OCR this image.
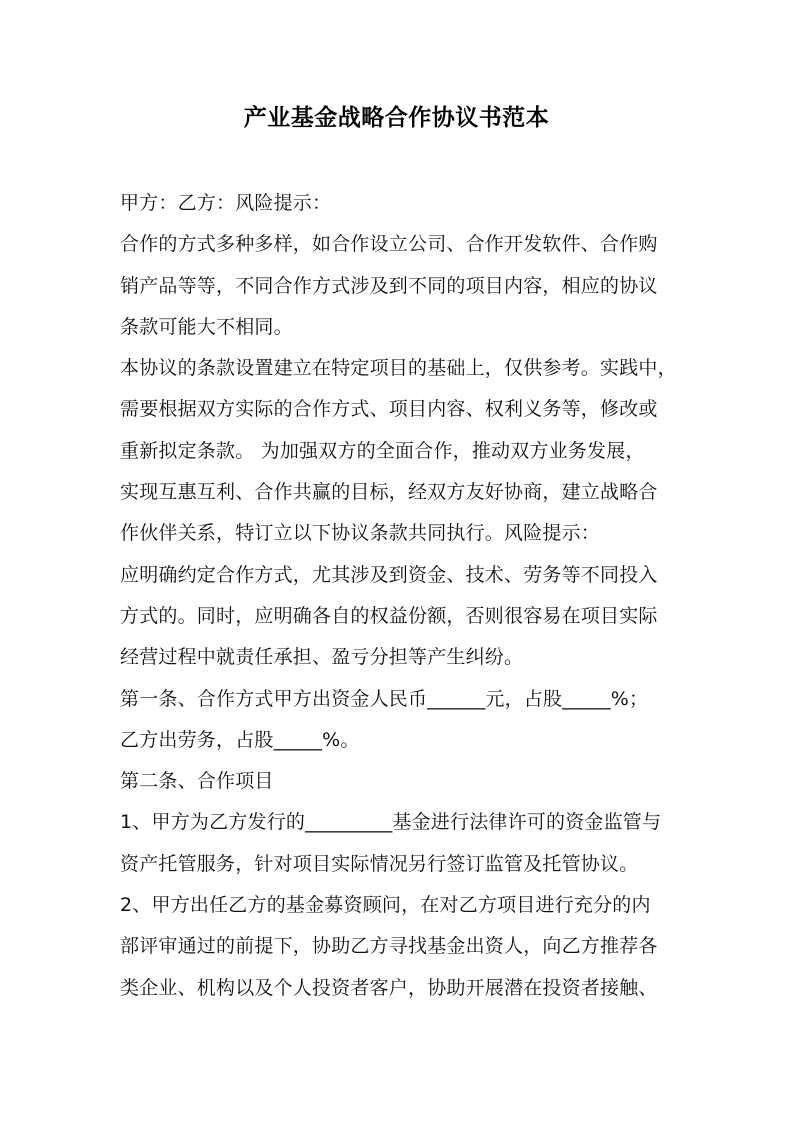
产业基金战略合作协议书范本
甲方：乙方：风险提示：
合作的方式多种多样，如合作设立公司、合作开发软件、合作购
销产品等等，不同合作方式涉及到不同的项目内容，相应的协议
条款可能大不相同。
本协议的条款设置建立在特定项目的基础上，仅供参考。实践中，
需要根据双方实际的合作方式、项目内容、权利义务等，修改或
重新拟定条款。 为加强双方的全面合作，推动双方业务发展，
实现互惠互利、合作共赢的目标，经双方友好协商，建立战略合
作伙伴关系，特订立以下协议条款共同执行。风险提示：
应明确约定合作方式，尤其涉及到资金、技术、劳务等不同投入
方式的。同时，应明确各自的权益份额，否则很容易在项目实际
经营过程中就责任承担、盈亏分担等产生纠纷。
第一条、合作方式甲方出资金人民币______元，占股_____%；
乙方出劳务，占股_____%。
第二条、合作项目
1、甲方为乙方发行的_________基金进行法律许可的资金监管与
资产托管服务，针对项目实际情况另行签订监管及托管协议。
2、甲方出任乙方的基金募资顾问，在对乙方项目进行充分的内
部评审通过的前提下，协助乙方寻找基金出资人，向乙方推荐各
类企业、机构以及个人投资者客户，协助开展潜在投资者接触、
